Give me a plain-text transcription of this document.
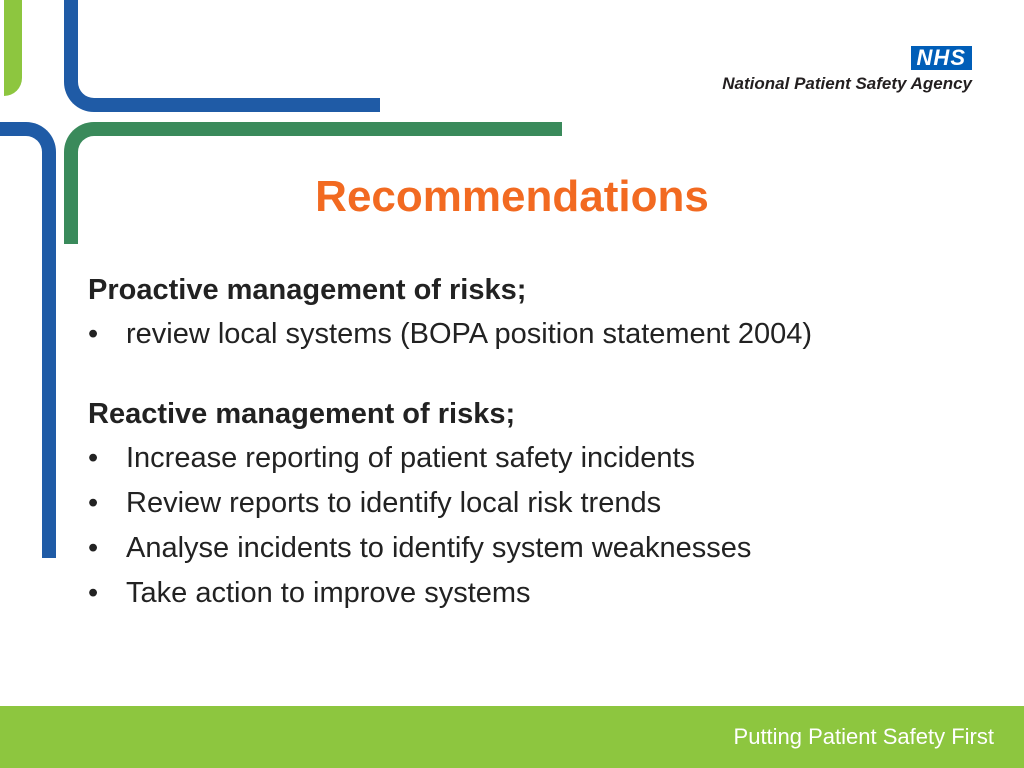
NHS
National Patient Safety Agency
Recommendations

Proactive management of risks;

• review local systems (BOPA position statement 2004)

Reactive management of risks;

• Increase reporting of patient safety incidents
• Review reports to identify local risk trends
• Analyse incidents to identify system weaknesses
• Take action to improve systems
Putting Patient Safety First
